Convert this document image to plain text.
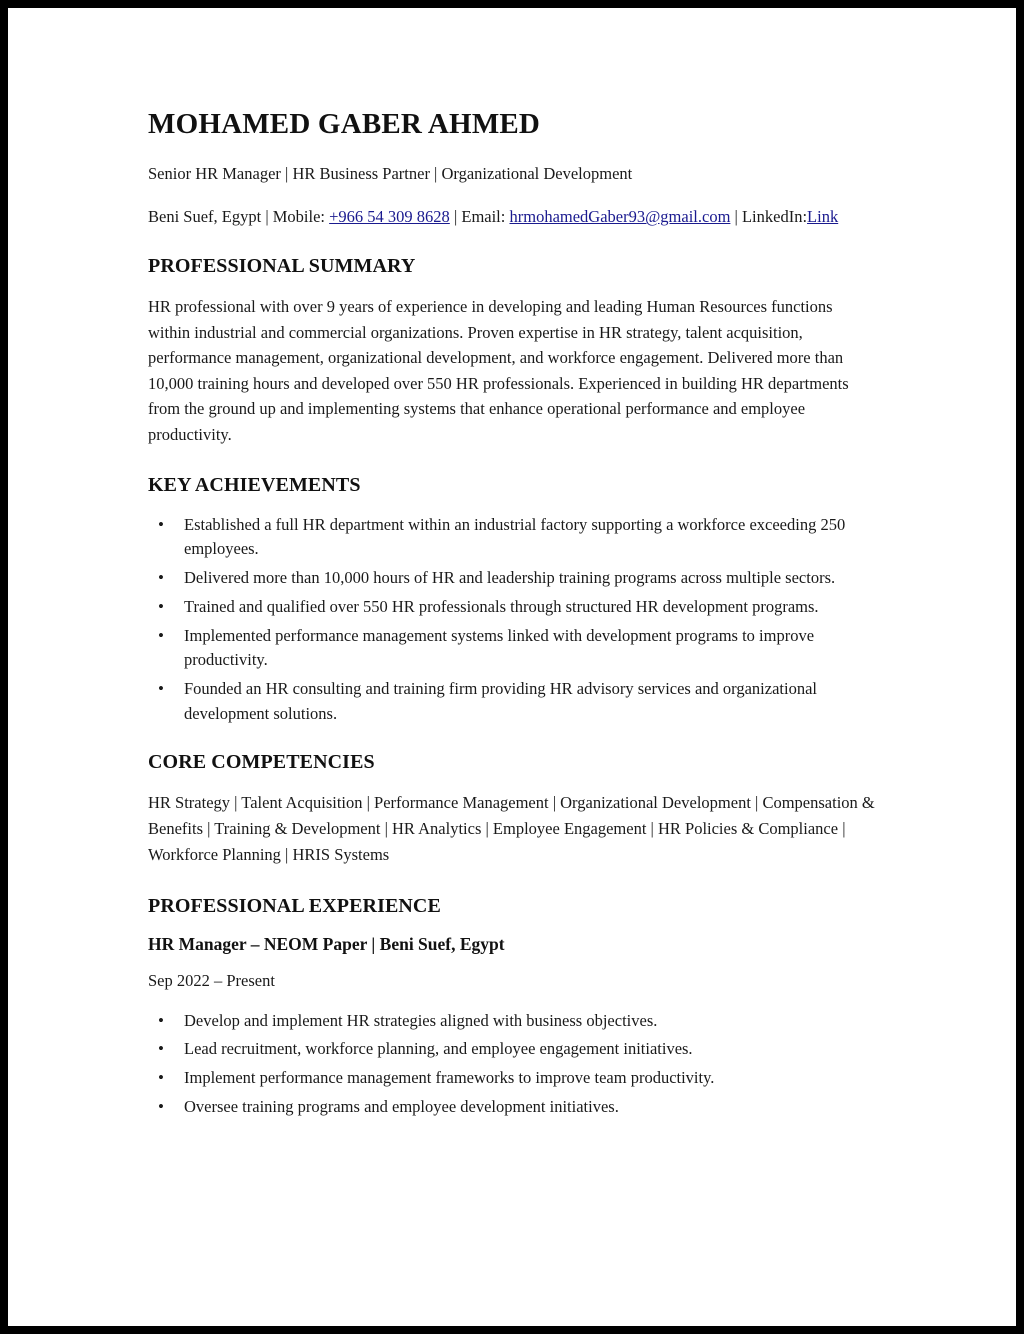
MOHAMED GABER AHMED

Senior HR Manager | HR Business Partner | Organizational Development

Beni Suef, Egypt | Mobile: +966 54 309 8628 | Email: hrmohamedGaber93@gmail.com | LinkedIn:Link

PROFESSIONAL SUMMARY

HR professional with over 9 years of experience in developing and leading Human Resources functions within industrial and commercial organizations. Proven expertise in HR strategy, talent acquisition, performance management, organizational development, and workforce engagement. Delivered more than 10,000 training hours and developed over 550 HR professionals. Experienced in building HR departments from the ground up and implementing systems that enhance operational performance and employee productivity.

KEY ACHIEVEMENTS
• Established a full HR department within an industrial factory supporting a workforce exceeding 250 employees.
• Delivered more than 10,000 hours of HR and leadership training programs across multiple sectors.
• Trained and qualified over 550 HR professionals through structured HR development programs.
• Implemented performance management systems linked with development programs to improve productivity.
• Founded an HR consulting and training firm providing HR advisory services and organizational development solutions.
CORE COMPETENCIES

HR Strategy | Talent Acquisition | Performance Management | Organizational Development | Compensation & Benefits | Training & Development | HR Analytics | Employee Engagement | HR Policies & Compliance | Workforce Planning | HRIS Systems

PROFESSIONAL EXPERIENCE
HR Manager – NEOM Paper | Beni Suef, Egypt

Sep 2022 – Present

• Develop and implement HR strategies aligned with business objectives.
• Lead recruitment, workforce planning, and employee engagement initiatives.
• Implement performance management frameworks to improve team productivity.
• Oversee training programs and employee development initiatives.
